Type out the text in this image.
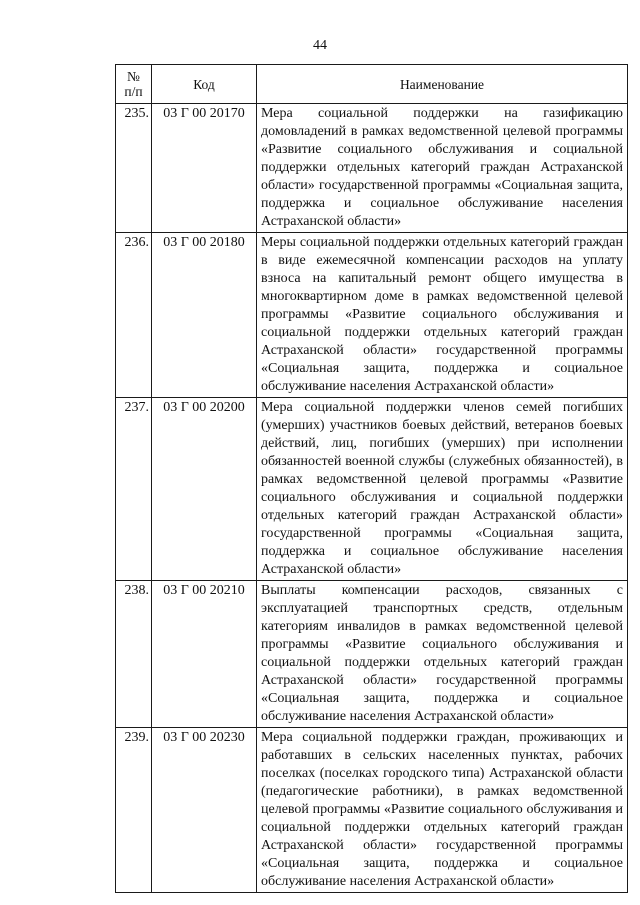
44
№
п/п	Код	Наименование
235.	03 Г 00 20170	Мера социальной поддержки на газификацию домовладений в рамках ведомственной целевой программы «Развитие социального обслуживания и социальной поддержки отдельных категорий граждан Астраханской области» государственной программы «Социальная защита, поддержка и социальное обслуживание населения Астраханской области»
236.	03 Г 00 20180	Меры социальной поддержки отдельных категорий граждан в виде ежемесячной компенсации расходов на уплату взноса на капитальный ремонт общего имущества в многоквартирном доме в рамках ведомственной целевой программы «Развитие социального обслуживания и социальной поддержки отдельных категорий граждан Астраханской области» государственной программы «Социальная защита, поддержка и социальное обслуживание населения Астраханской области»
237.	03 Г 00 20200	Мера социальной поддержки членов семей погибших (умерших) участников боевых действий, ветеранов боевых действий, лиц, погибших (умерших) при исполнении обязанностей военной службы (служебных обязанностей), в рамках ведомственной целевой программы «Развитие социального обслуживания и социальной поддержки отдельных категорий граждан Астраханской области» государственной программы «Социальная защита, поддержка и социальное обслуживание населения Астраханской области»
238.	03 Г 00 20210	Выплаты компенсации расходов, связанных с эксплуатацией транспортных средств, отдельным категориям инвалидов в рамках ведомственной целевой программы «Развитие социального обслуживания и социальной поддержки отдельных категорий граждан Астраханской области» государственной программы «Социальная защита, поддержка и социальное обслуживание населения Астраханской области»
239.	03 Г 00 20230	Мера социальной поддержки граждан, проживающих и работавших в сельских населенных пунктах, рабочих поселках (поселках городского типа) Астраханской области (педагогические работники), в рамках ведомственной целевой программы «Развитие социального обслуживания и социальной поддержки отдельных категорий граждан Астраханской области» государственной программы «Социальная защита, поддержка и социальное обслуживание населения Астраханской области»
